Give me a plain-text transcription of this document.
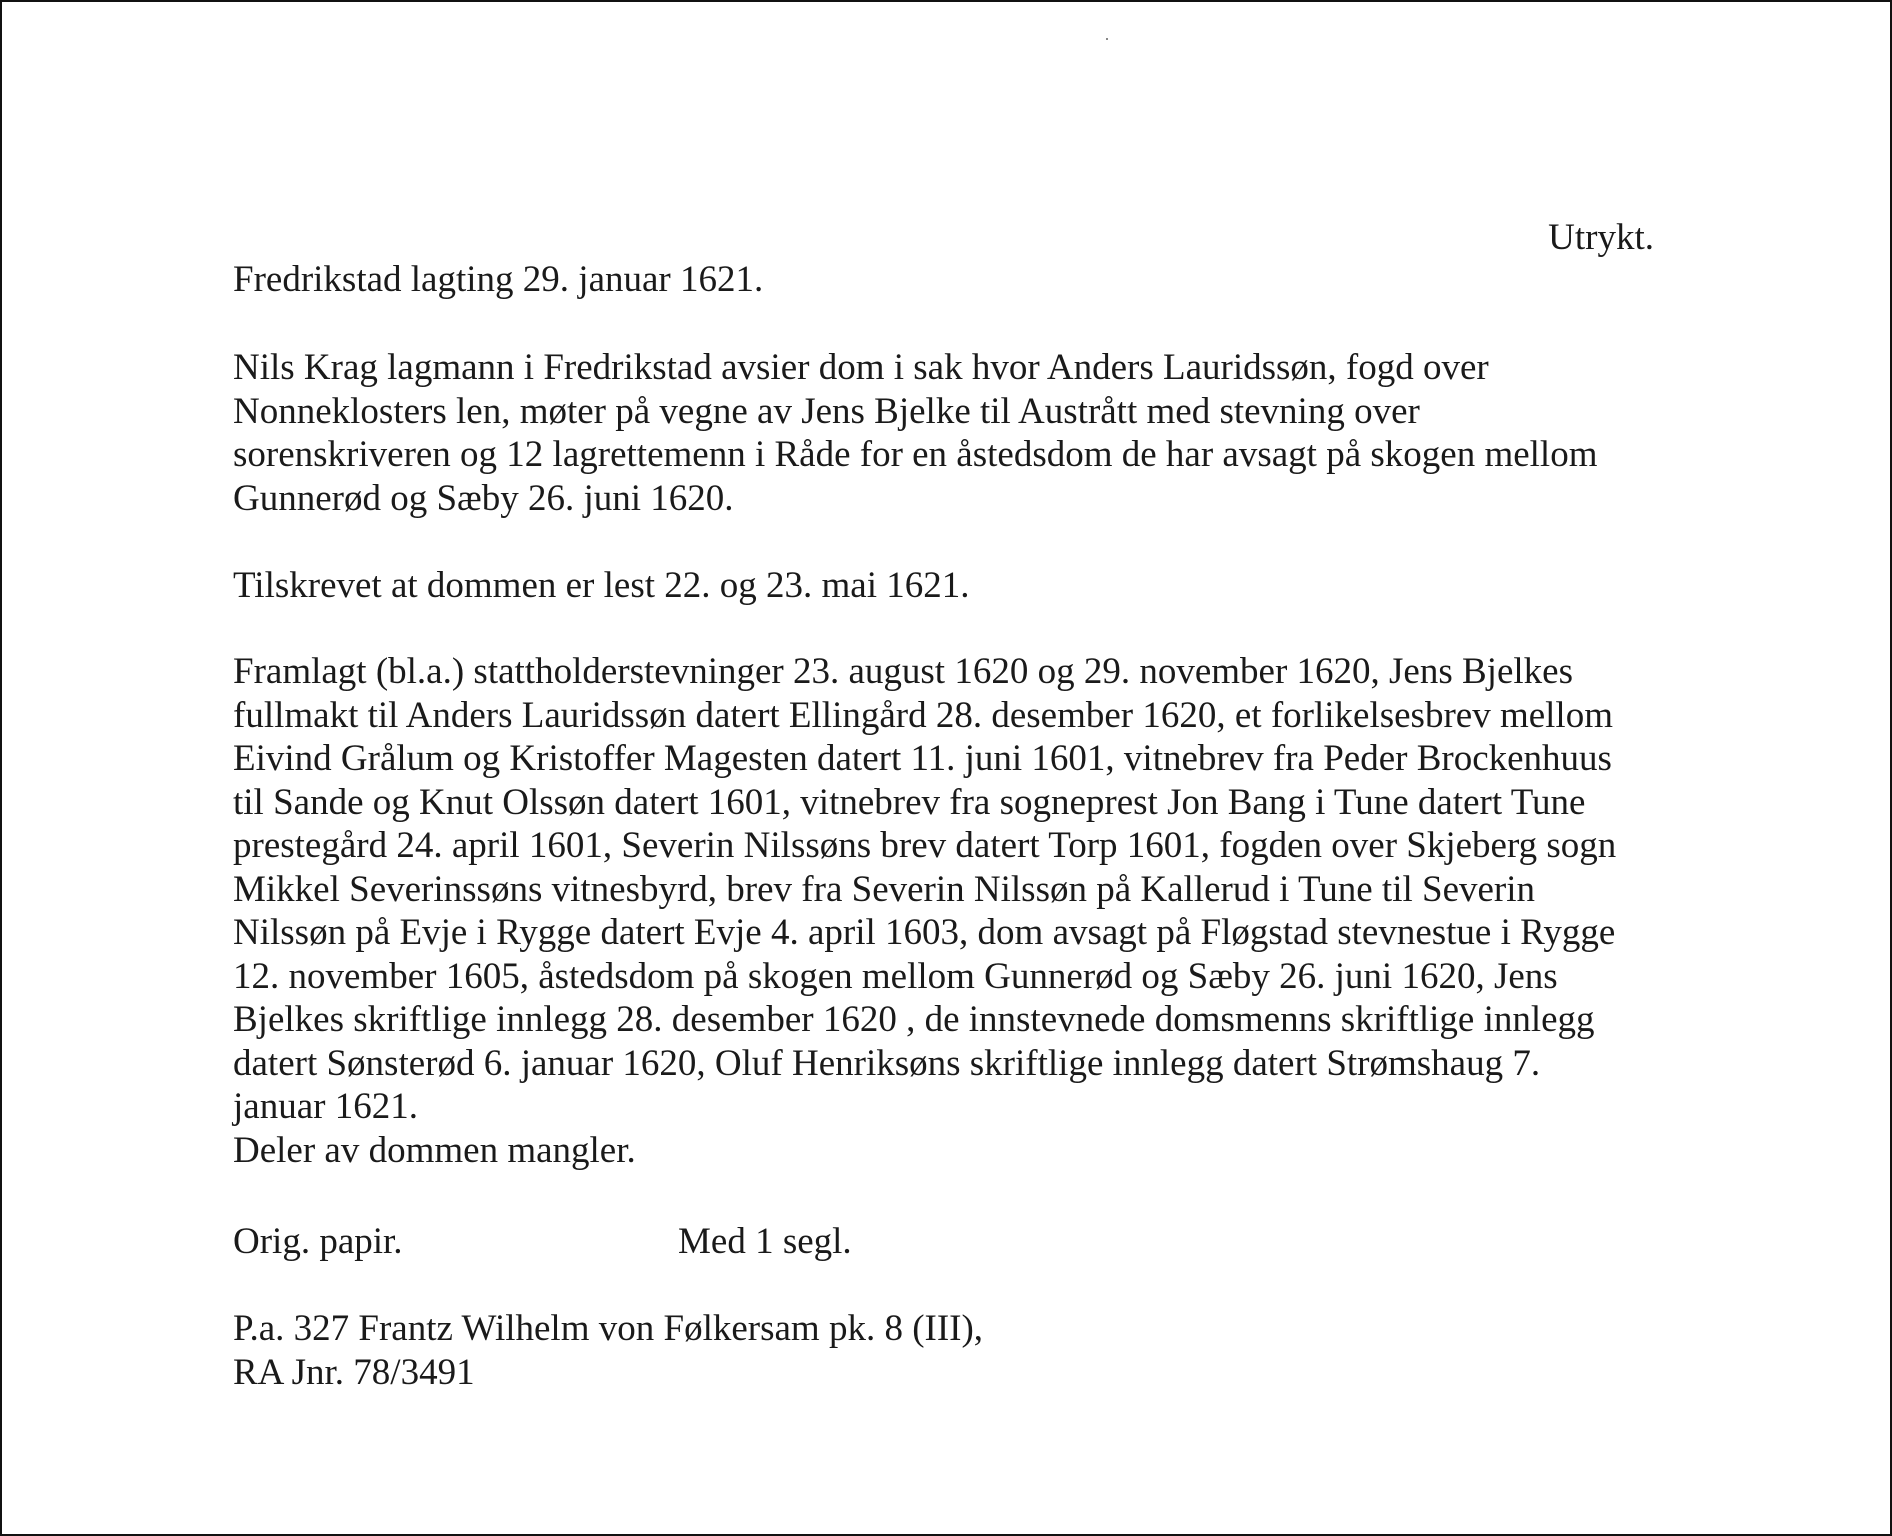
Utrykt.
Fredrikstad lagting 29. januar 1621.
Nils Krag lagmann i Fredrikstad avsier dom i sak hvor Anders Lauridssøn, fogd over
Nonneklosters len, møter på vegne av Jens Bjelke til Austrått med stevning over
sorenskriveren og 12 lagrettemenn i Råde for en åstedsdom de har avsagt på skogen mellom
Gunnerød og Sæby 26. juni 1620.
Tilskrevet at dommen er lest 22. og 23. mai 1621.
Framlagt (bl.a.) stattholderstevninger 23. august 1620 og 29. november 1620, Jens Bjelkes
fullmakt til Anders Lauridssøn datert Ellingård 28. desember 1620, et forlikelsesbrev mellom
Eivind Grålum og Kristoffer Magesten datert 11. juni 1601, vitnebrev fra Peder Brockenhuus
til Sande og Knut Olssøn datert 1601, vitnebrev fra sogneprest Jon Bang i Tune datert Tune
prestegård 24. april 1601, Severin Nilssøns brev datert Torp 1601, fogden over Skjeberg sogn
Mikkel Severinssøns vitnesbyrd, brev fra Severin Nilssøn på Kallerud i Tune til Severin
Nilssøn på Evje i Rygge datert Evje 4. april 1603, dom avsagt på Fløgstad stevnestue i Rygge
12. november 1605, åstedsdom på skogen mellom Gunnerød og Sæby 26. juni 1620, Jens
Bjelkes skriftlige innlegg 28. desember 1620 , de innstevnede domsmenns skriftlige innlegg
datert Sønsterød 6. januar 1620, Oluf Henriksøns skriftlige innlegg datert Strømshaug 7.
januar 1621.
Deler av dommen mangler.
Orig. papir.	Med 1 segl.
P.a. 327 Frantz Wilhelm von Følkersam pk. 8 (III),
RA Jnr. 78/3491
